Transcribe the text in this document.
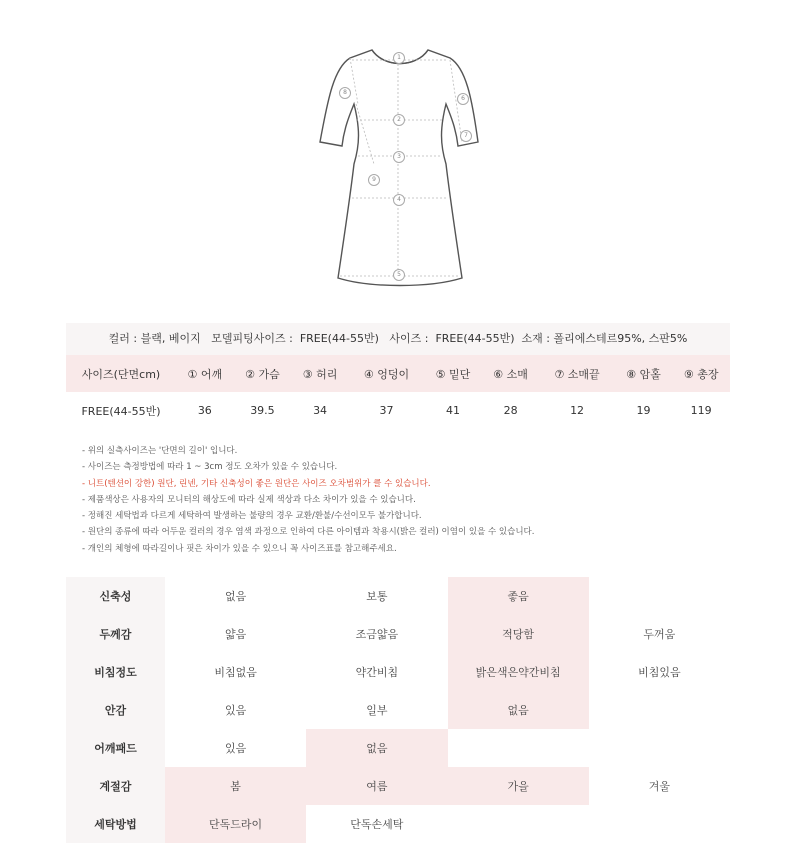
1
2
3
4
5
6
7
8
9
컬러 : 블랙, 베이지 모델피팅사이즈 :  FREE(44-55반) 사이즈 :  FREE(44-55반) 소재 : 폴리에스테르95%, 스판5%
사이즈(단면cm)	① 어깨	② 가슴	③ 허리	④ 엉덩이	⑤ 밑단	⑥ 소매	⑦ 소매끝	⑧ 암홀	⑨ 총장
FREE(44-55반)	36	39.5	34	37	41	28	12	19	119
- 위의 실측사이즈는 '단면의 길이' 입니다.
- 사이즈는 측정방법에 따라 1 ~ 3cm 정도 오차가 있을 수 있습니다.
- 니트(텐션이 강한) 원단, 린넨, 기타 신축성이 좋은 원단은 사이즈 오차범위가 클 수 있습니다.
- 제품색상은 사용자의 모니터의 해상도에 따라 실제 색상과 다소 차이가 있을 수 있습니다.
- 정해진 세탁법과 다르게 세탁하여 발생하는 불량의 경우 교환/환불/수선이모두 불가합니다.
- 원단의 종류에 따라 어두운 컬러의 경우 염색 과정으로 인하여 다른 아이템과 착용시(밝은 컬러) 이염이 있을 수 있습니다.
- 개인의 체형에 따라길이나 핏은 차이가 있을 수 있으니 꼭 사이즈표를 참고해주세요.
신축성	없음	보통	좋음	
두께감	얇음	조금얇음	적당함	두꺼움
비침정도	비침없음	약간비침	밝은색은약간비침	비침있음
안감	있음	일부	없음	
어깨패드	있음	없음		
계절감	봄	여름	가을	겨울
세탁방법	단독드라이	단독손세탁		
